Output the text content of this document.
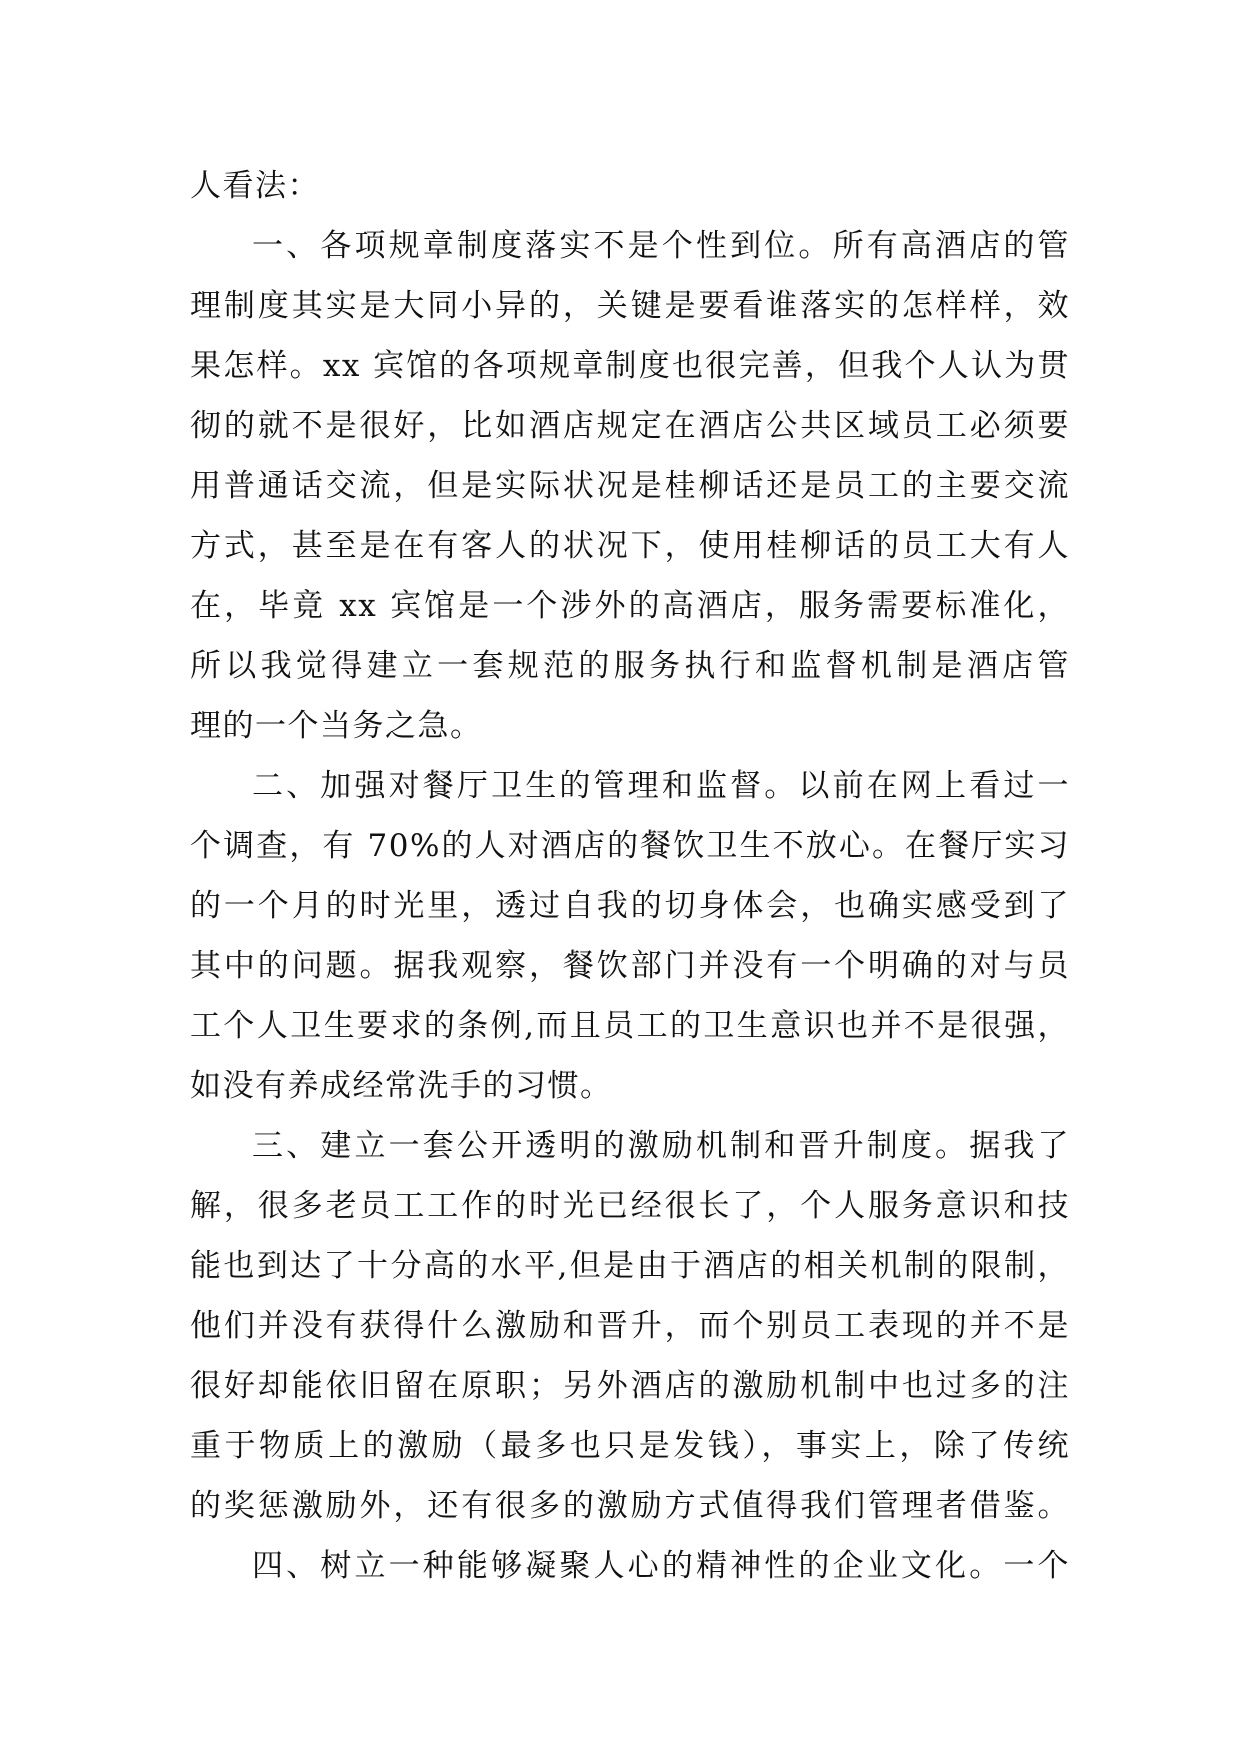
人看法：
一、各项规章制度落实不是个性到位。所有高酒店的管
理制度其实是大同小异的，关键是要看谁落实的怎样样，效
果怎样。xx 宾馆的各项规章制度也很完善，但我个人认为贯
彻的就不是很好，比如酒店规定在酒店公共区域员工必须要
用普通话交流，但是实际状况是桂柳话还是员工的主要交流
方式，甚至是在有客人的状况下，使用桂柳话的员工大有人
在，毕竟 xx 宾馆是一个涉外的高酒店，服务需要标准化，
所以我觉得建立一套规范的服务执行和监督机制是酒店管
理的一个当务之急。
二、加强对餐厅卫生的管理和监督。以前在网上看过一
个调查，有 70%的人对酒店的餐饮卫生不放心。在餐厅实习
的一个月的时光里，透过自我的切身体会，也确实感受到了
其中的问题。据我观察，餐饮部门并没有一个明确的对与员
工个人卫生要求的条例,而且员工的卫生意识也并不是很强，
如没有养成经常洗手的习惯。
三、建立一套公开透明的激励机制和晋升制度。据我了
解，很多老员工工作的时光已经很长了，个人服务意识和技
能也到达了十分高的水平,但是由于酒店的相关机制的限制，
他们并没有获得什么激励和晋升，而个别员工表现的并不是
很好却能依旧留在原职；另外酒店的激励机制中也过多的注
重于物质上的激励（最多也只是发钱），事实上，除了传统
的奖惩激励外，还有很多的激励方式值得我们管理者借鉴。
四、树立一种能够凝聚人心的精神性的企业文化。一个
